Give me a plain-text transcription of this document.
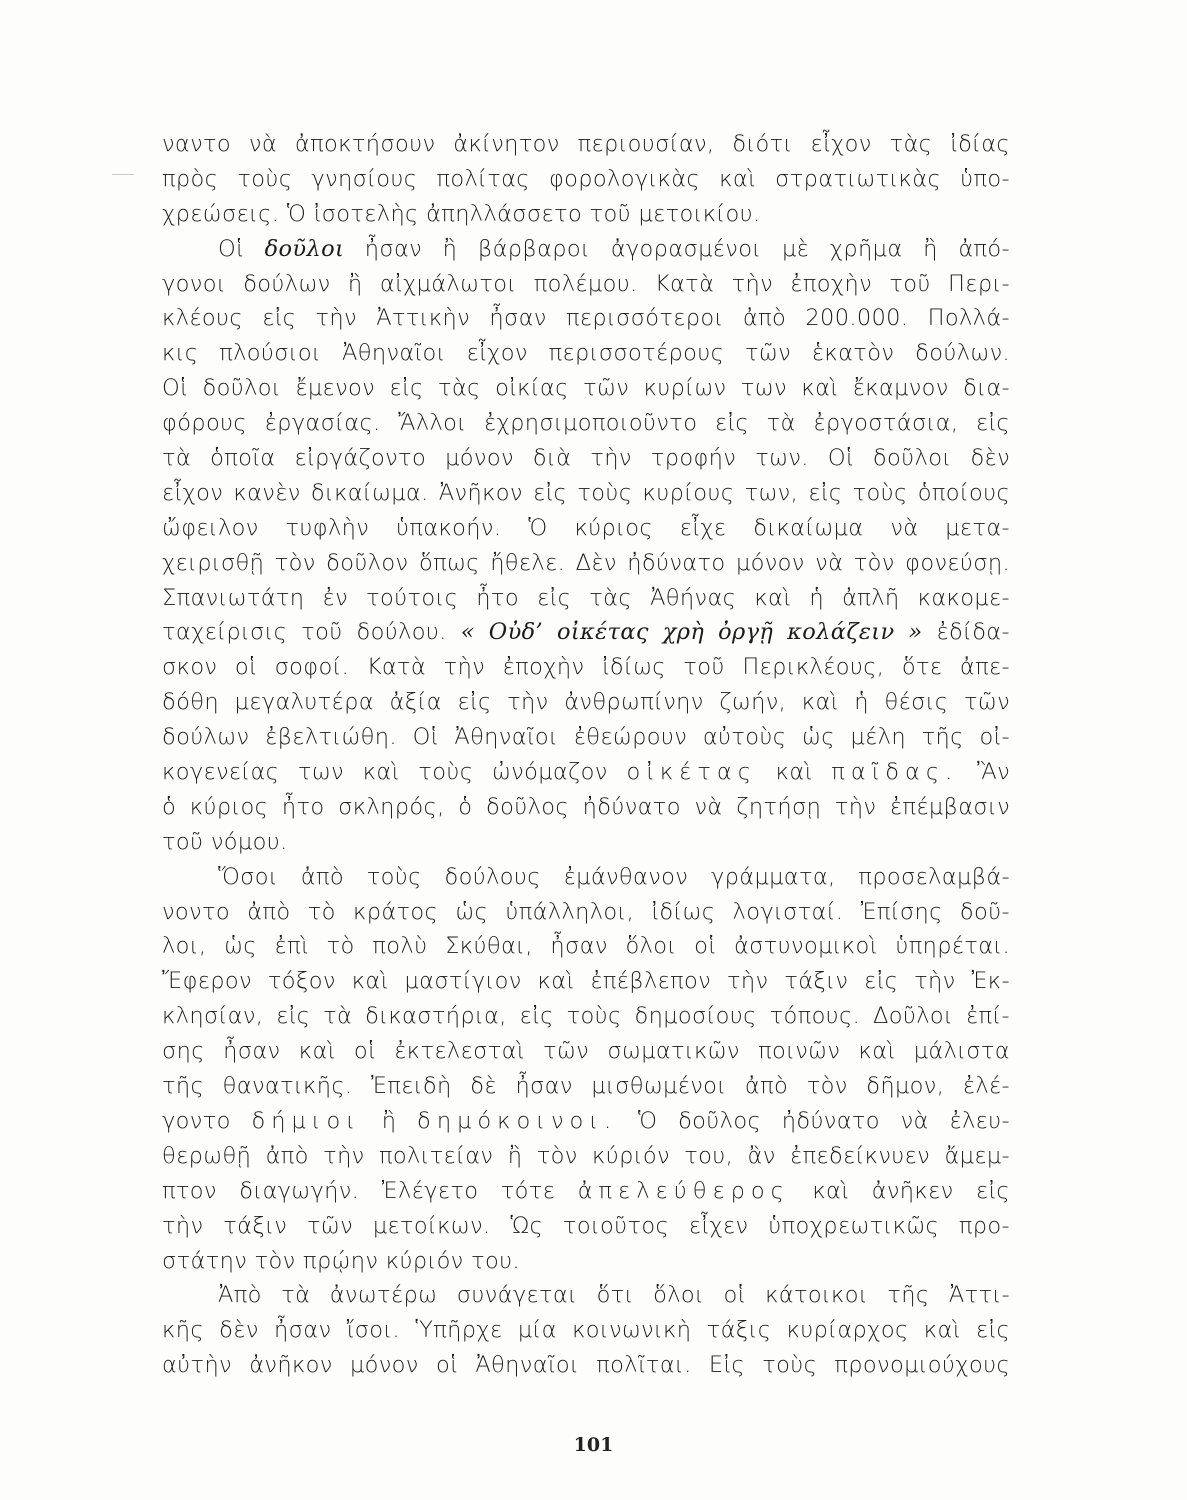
ναντο νὰ ἀποκτήσουν ἀκίνητον περιουσίαν, διότι εἶχον τὰς ἰδίας
πρὸς τοὺς γνησίους πολίτας φορολογικὰς καὶ στρατιωτικὰς ὑπο-
χρεώσεις. Ὁ ἰσοτελὴς ἀπηλλάσσετο τοῦ μετοικίου.
Οἱ δοῦλοι ἦσαν ἢ βάρβαροι ἀγορασμένοι μὲ χρῆμα ἢ ἀπό-
γονοι δούλων ἢ αἰχμάλωτοι πολέμου. Κατὰ τὴν ἐποχὴν τοῦ Περι-
κλέους εἰς τὴν Ἀττικὴν ἦσαν περισσότεροι ἀπὸ 200.000. Πολλά-
κις πλούσιοι Ἀθηναῖοι εἶχον περισσοτέρους τῶν ἑκατὸν δούλων.
Οἱ δοῦλοι ἔμενον εἰς τὰς οἰκίας τῶν κυρίων των καὶ ἔκαμνον δια-
φόρους ἐργασίας. Ἄλλοι ἐχρησιμοποιοῦντο εἰς τὰ ἐργοστάσια, εἰς
τὰ ὁποῖα εἰργάζοντο μόνον διὰ τὴν τροφήν των. Οἱ δοῦλοι δὲν
εἶχον κανὲν δικαίωμα. Ἀνῆκον εἰς τοὺς κυρίους των, εἰς τοὺς ὁποίους
ὤφειλον τυφλὴν ὑπακοήν. Ὁ κύριος εἶχε δικαίωμα νὰ μετα-
χειρισθῇ τὸν δοῦλον ὅπως ἤθελε. Δὲν ἠδύνατο μόνον νὰ τὸν φονεύσῃ.
Σπανιωτάτη ἐν τούτοις ἦτο εἰς τὰς Ἀθήνας καὶ ἡ ἀπλῆ κακομε-
ταχείρισις τοῦ δούλου. « Οὐδ’ οἰκέτας χρὴ ὀργῇ κολάζειν » ἐδίδα-
σκον οἱ σοφοί. Κατὰ τὴν ἐποχὴν ἰδίως τοῦ Περικλέους, ὅτε ἀπε-
δόθη μεγαλυτέρα ἀξία εἰς τὴν ἀνθρωπίνην ζωήν, καὶ ἡ θέσις τῶν
δούλων ἐβελτιώθη. Οἱ Ἀθηναῖοι ἐθεώρουν αὐτοὺς ὡς μέλη τῆς οἰ-
κογενείας των καὶ τοὺς ὠνόμαζον οἰκέτας καὶ παῖδας. Ἂν
ὁ κύριος ἦτο σκληρός, ὁ δοῦλος ἠδύνατο νὰ ζητήσῃ τὴν ἐπέμβασιν
τοῦ νόμου.
Ὅσοι ἀπὸ τοὺς δούλους ἐμάνθανον γράμματα, προσελαμβά-
νοντο ἀπὸ τὸ κράτος ὡς ὑπάλληλοι, ἰδίως λογισταί. Ἐπίσης δοῦ-
λοι, ὡς ἐπὶ τὸ πολὺ Σκύθαι, ἦσαν ὅλοι οἱ ἀστυνομικοὶ ὑπηρέται.
Ἔφερον τόξον καὶ μαστίγιον καὶ ἐπέβλεπον τὴν τάξιν εἰς τὴν Ἐκ-
κλησίαν, εἰς τὰ δικαστήρια, εἰς τοὺς δημοσίους τόπους. Δοῦλοι ἐπί-
σης ἦσαν καὶ οἱ ἐκτελεσταὶ τῶν σωματικῶν ποινῶν καὶ μάλιστα
τῆς θανατικῆς. Ἐπειδὴ δὲ ἦσαν μισθωμένοι ἀπὸ τὸν δῆμον, ἐλέ-
γοντο δήμιοι ἢ δημόκοινοι. Ὁ δοῦλος ἠδύνατο νὰ ἐλευ-
θερωθῇ ἀπὸ τὴν πολιτείαν ἢ τὸν κύριόν του, ἂν ἐπεδείκνυεν ἄμεμ-
πτον διαγωγήν. Ἐλέγετο τότε ἀπελεύθερος καὶ ἀνῆκεν εἰς
τὴν τάξιν τῶν μετοίκων. Ὡς τοιοῦτος εἶχεν ὑποχρεωτικῶς προ-
στάτην τὸν πρῴην κύριόν του.
Ἀπὸ τὰ ἀνωτέρω συνάγεται ὅτι ὅλοι οἱ κάτοικοι τῆς Ἀττι-
κῆς δὲν ἦσαν ἴσοι. Ὑπῆρχε μία κοινωνικὴ τάξις κυρίαρχος καὶ εἰς
αὐτὴν ἀνῆκον μόνον οἱ Ἀθηναῖοι πολῖται. Εἰς τοὺς προνομιούχους
101
